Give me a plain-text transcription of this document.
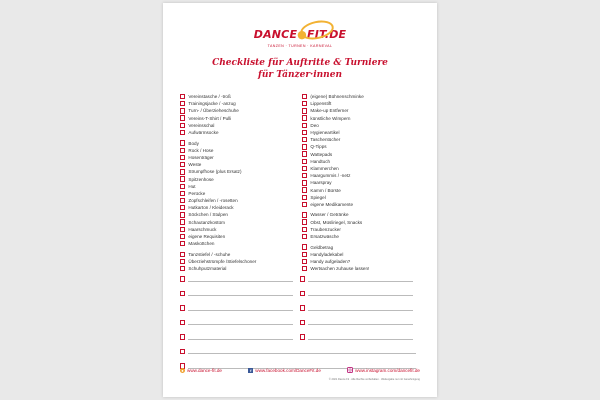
DANCE●FIT.DE
TANZEN · TURNEN · KARNEVAL
Checkliste für Auftritte & Turniere
für Tänzer·innen
Vereinstasche / -troß
Trainingsjacke / -anzug
Turn- / Überzieheschuhe
Vereins-T-Shirt / Pulli
Vereinsschal
Aufwärmsocke
Body
Rock / Hose
Hosenträger
Weste
Strumpfhose (plus Ersatz)
Spitzenhose
Hut
Perücke
Zopfschleifen / -rosetten
Hutkarton / Kleiderack
Söckchen / Stulpen
Schautanzkostüm
Haarschmuck
eigene Requisiten
Maskottchen
Tanzstiefel / -schuhe
Überziehstrümpfe /Stiefelschoner
Schuhputzmaterial
(eigene) Bühnenschminke
Lippenstift
Make-up Entferner
künstliche Wimpern
Deo
Hygieneartikel
Taschentücher
Q-Tipps
Wattepads
Handtuch
Klammerchen
Haargummis / -netz
Haarspray
Kamm / Bürste
Spiegel
eigene Medikamente
Wasser / Getränke
Obst, Müsliriegel, Snacks
Traubenzucker
Ersatzwäsche
Geldbetrag
Handyladekabel
Handy aufgeladen?
Wertsachen zuhause lassen!
● www.dance-fit.de	f www.facebook.com/DanceFit.de	◎ www.instagram.com/dancefit.de
© 2021 Dance Fit · Alle Rechte vorbehalten · Weitergabe nur mit Genehmigung
